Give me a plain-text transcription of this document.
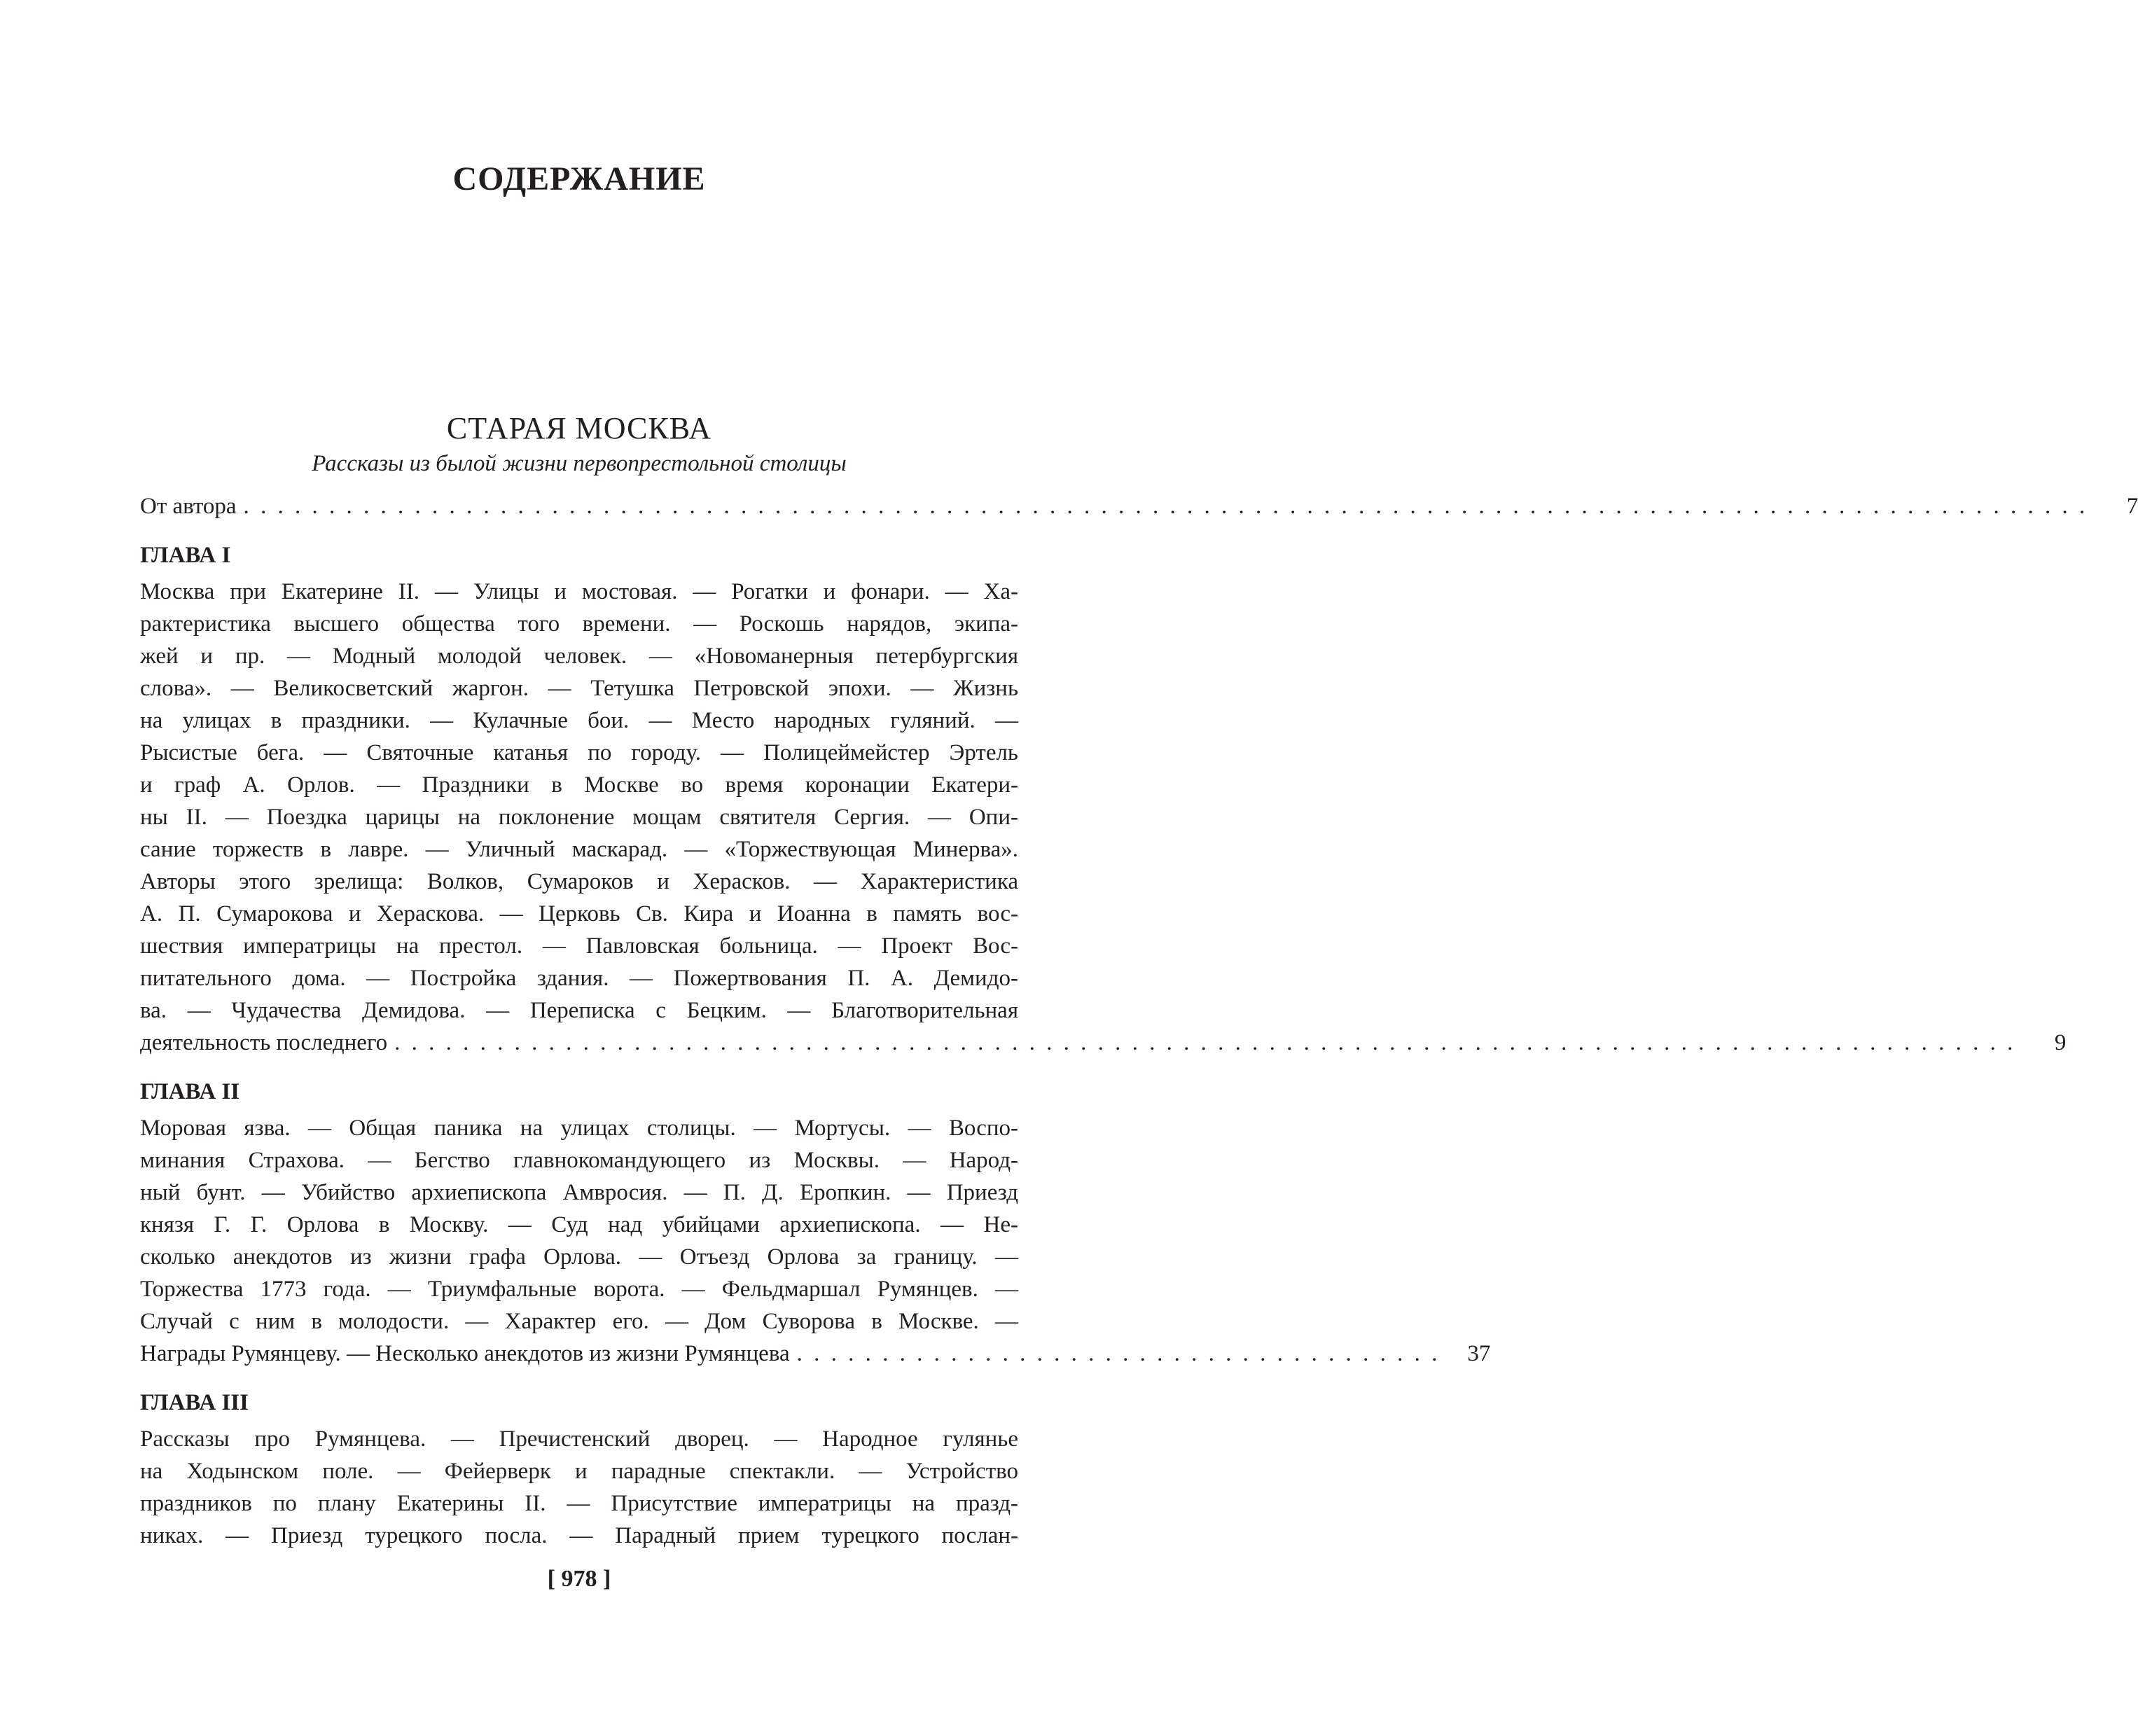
СОДЕРЖАНИЕ
СТАРАЯ МОСКВА
Рассказы из былой жизни первопрестольной столицы
От автора . . . . . . . . . . . . . . . . . . . . . . . . . . . . . . . . . . . . . . . . . . . . . . . . . . . . . . . . . . . . . . . . . . . . . . . . . . . . . . . . . . . . . . . . . . . . . . . . . . . . . . . . . . . .	7
ГЛАВА I
Москва при Екатерине II. — Улицы и мостовая. — Рогатки и фонари. — Ха-
рактеристика высшего общества того времени. — Роскошь нарядов, экипа-
жей и пр. — Модный молодой человек. — «Новоманерныя петербургския
слова». — Великосветский жаргон. — Тетушка Петровской эпохи. — Жизнь
на улицах в праздники. — Кулачные бои. — Место народных гуляний. —
Рысистые бега. — Святочные катанья по городу. — Полицеймейстер Эртель
и граф А. Орлов. — Праздники в Москве во время коронации Екатери-
ны II. — Поездка царицы на поклонение мощам святителя Сергия. — Опи-
сание торжеств в лавре. — Уличный маскарад. — «Торжествующая Минерва».
Авторы этого зрелища: Волков, Сумароков и Херасков. — Характеристика
А. П. Сумарокова и Хераскова. — Церковь Св. Кира и Иоанна в память вос-
шествия императрицы на престол. — Павловская больница. — Проект Вос-
питательного дома. — Постройка здания. — Пожертвования П. А. Демидо-
ва. — Чудачества Демидова. — Переписка с Бецким. — Благотворительная
деятельность последнего . . . . . . . . . . . . . . . . . . . . . . . . . . . . . . . . . . . . . . . . . . . . . . . . . . . . . . . . . . . . . . . . . . . . . . . . . . . . . . . . . . . . . . . . . . . . . . .	9
ГЛАВА II
Моровая язва. — Общая паника на улицах столицы. — Мортусы. — Воспо-
минания Страхова. — Бегство главнокомандующего из Москвы. — Народ-
ный бунт. — Убийство архиепископа Амвросия. — П. Д. Еропкин. — Приезд
князя Г. Г. Орлова в Москву. — Суд над убийцами архиепископа. — Не-
сколько анекдотов из жизни графа Орлова. — Отъезд Орлова за границу. —
Торжества 1773 года. — Триумфальные ворота. — Фельдмаршал Румянцев. —
Случай с ним в молодости. — Характер его. — Дом Суворова в Москве. —
Награды Румянцеву. — Несколько анекдотов из жизни Румянцева . . . . . . . . . . . . . . . . . . . . . . . . . . . . . . . . . . . . . .	37
ГЛАВА III
Рассказы про Румянцева. — Пречистенский дворец. — Народное гулянье
на Ходынском поле. — Фейерверк и парадные спектакли. — Устройство
праздников по плану Екатерины II. — Присутствие императрицы на празд-
никах. — Приезд турецкого посла. — Парадный прием турецкого послан-
[ 978 ]
